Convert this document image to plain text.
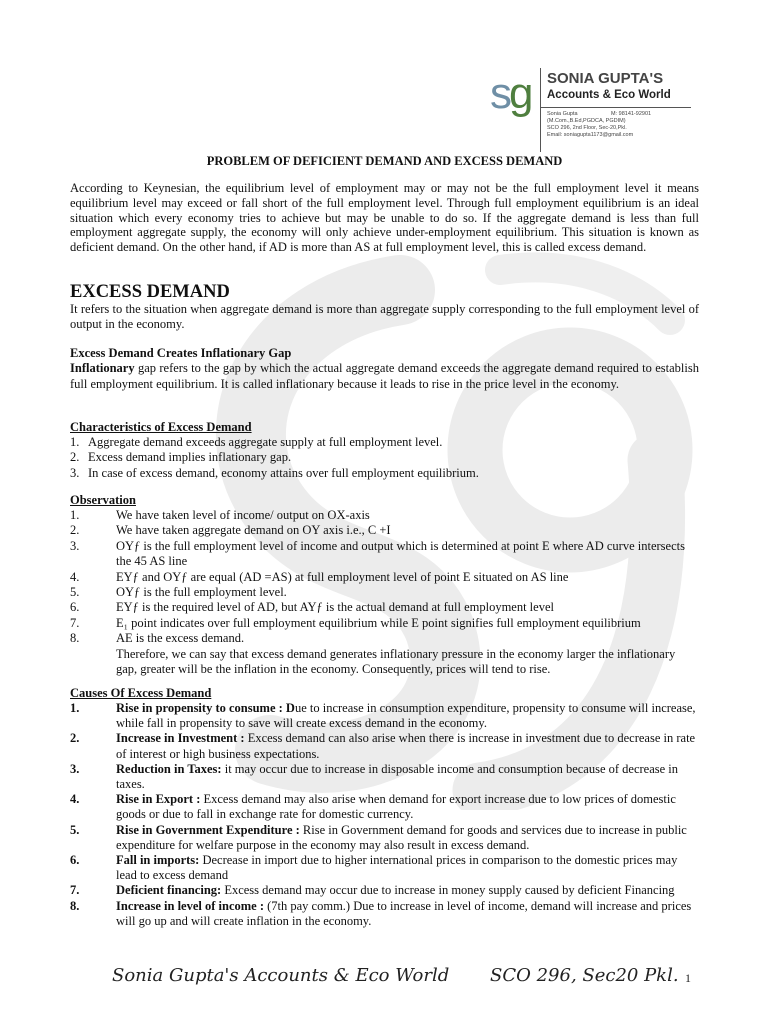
sg SONIA GUPTA'S
Accounts & Eco World
Sonia Gupta	M: 98141-92901
(M.Com.,B.Ed,PGDCA, PGDIM)
SCO 296, 2nd Floor, Sec-20,Pkl.
Email: soniagupta1173@gmail.com
PROBLEM OF DEFICIENT DEMAND AND EXCESS DEMAND
According to Keynesian, the equilibrium level of employment may or may not be the full employment level it means equilibrium level may exceed or fall short of the full employment level. Through full employment equilibrium is an ideal situation which every economy tries to achieve but may be unable to do so. If the aggregate demand is less than full employment aggregate supply, the economy will only achieve under-employment equilibrium. This situation is known as deficient demand. On the other hand, if AD is more than AS at full employment level, this is called excess demand.
EXCESS DEMAND
It refers to the situation when aggregate demand is more than aggregate supply corresponding to the full employment level of output in the economy.
Excess Demand Creates Inflationary Gap
Inflationary gap refers to the gap by which the actual aggregate demand exceeds the aggregate demand required to establish full employment equilibrium. It is called inflationary because it leads to rise in the price level in the economy.
Characteristics of Excess Demand
1. Aggregate demand exceeds aggregate supply at full employment level.
2. Excess demand implies inflationary gap.
3. In case of excess demand, economy attains over full employment equilibrium.
Observation
1.	We have taken level of income/ output on OX-axis
2.	We have taken aggregate demand on OY axis i.e., C +I
3.	OYƒ is the full employment level of income and output which is determined at point E where AD curve intersects the 45 AS line
4.	EYƒ and OYƒ are equal (AD =AS) at full employment level of point E situated on AS line
5.	OYƒ is the full employment level.
6.	EYƒ is the required level of AD, but AYƒ is the actual demand at full employment level
7.	E₁ point indicates over full employment equilibrium while E point signifies full employment equilibrium
8.	AE is the excess demand.
Therefore, we can say that excess demand generates inflationary pressure in the economy larger the inflationary gap, greater will be the inflation in the economy. Consequently, prices will tend to rise.
Causes Of Excess Demand
1.	Rise in propensity to consume : Due to increase in consumption expenditure, propensity to consume will increase, while fall in propensity to save will create excess demand in the economy.
2.	Increase in Investment : Excess demand can also arise when there is increase in investment due to decrease in rate of interest or high business expectations.
3.	Reduction in Taxes: it may occur due to increase in disposable income and consumption because of decrease in taxes.
4.	Rise in Export : Excess demand may also arise when demand for export increase due to low prices of domestic goods or due to fall in exchange rate for domestic currency.
5.	Rise in Government Expenditure : Rise in Government demand for goods and services due to increase in public expenditure for welfare purpose in the economy may also result in excess demand.
6.	Fall in imports: Decrease in import due to higher international prices in comparison to the domestic prices may lead to excess demand
7.	Deficient financing: Excess demand may occur due to increase in money supply caused by deficient Financing
8.	Increase in level of income : (7th pay comm.) Due to increase in level of income, demand will increase and prices will go up and will create inflation in the economy.
Sonia Gupta's Accounts & Eco World SCO 296, Sec20 Pkl. 1
